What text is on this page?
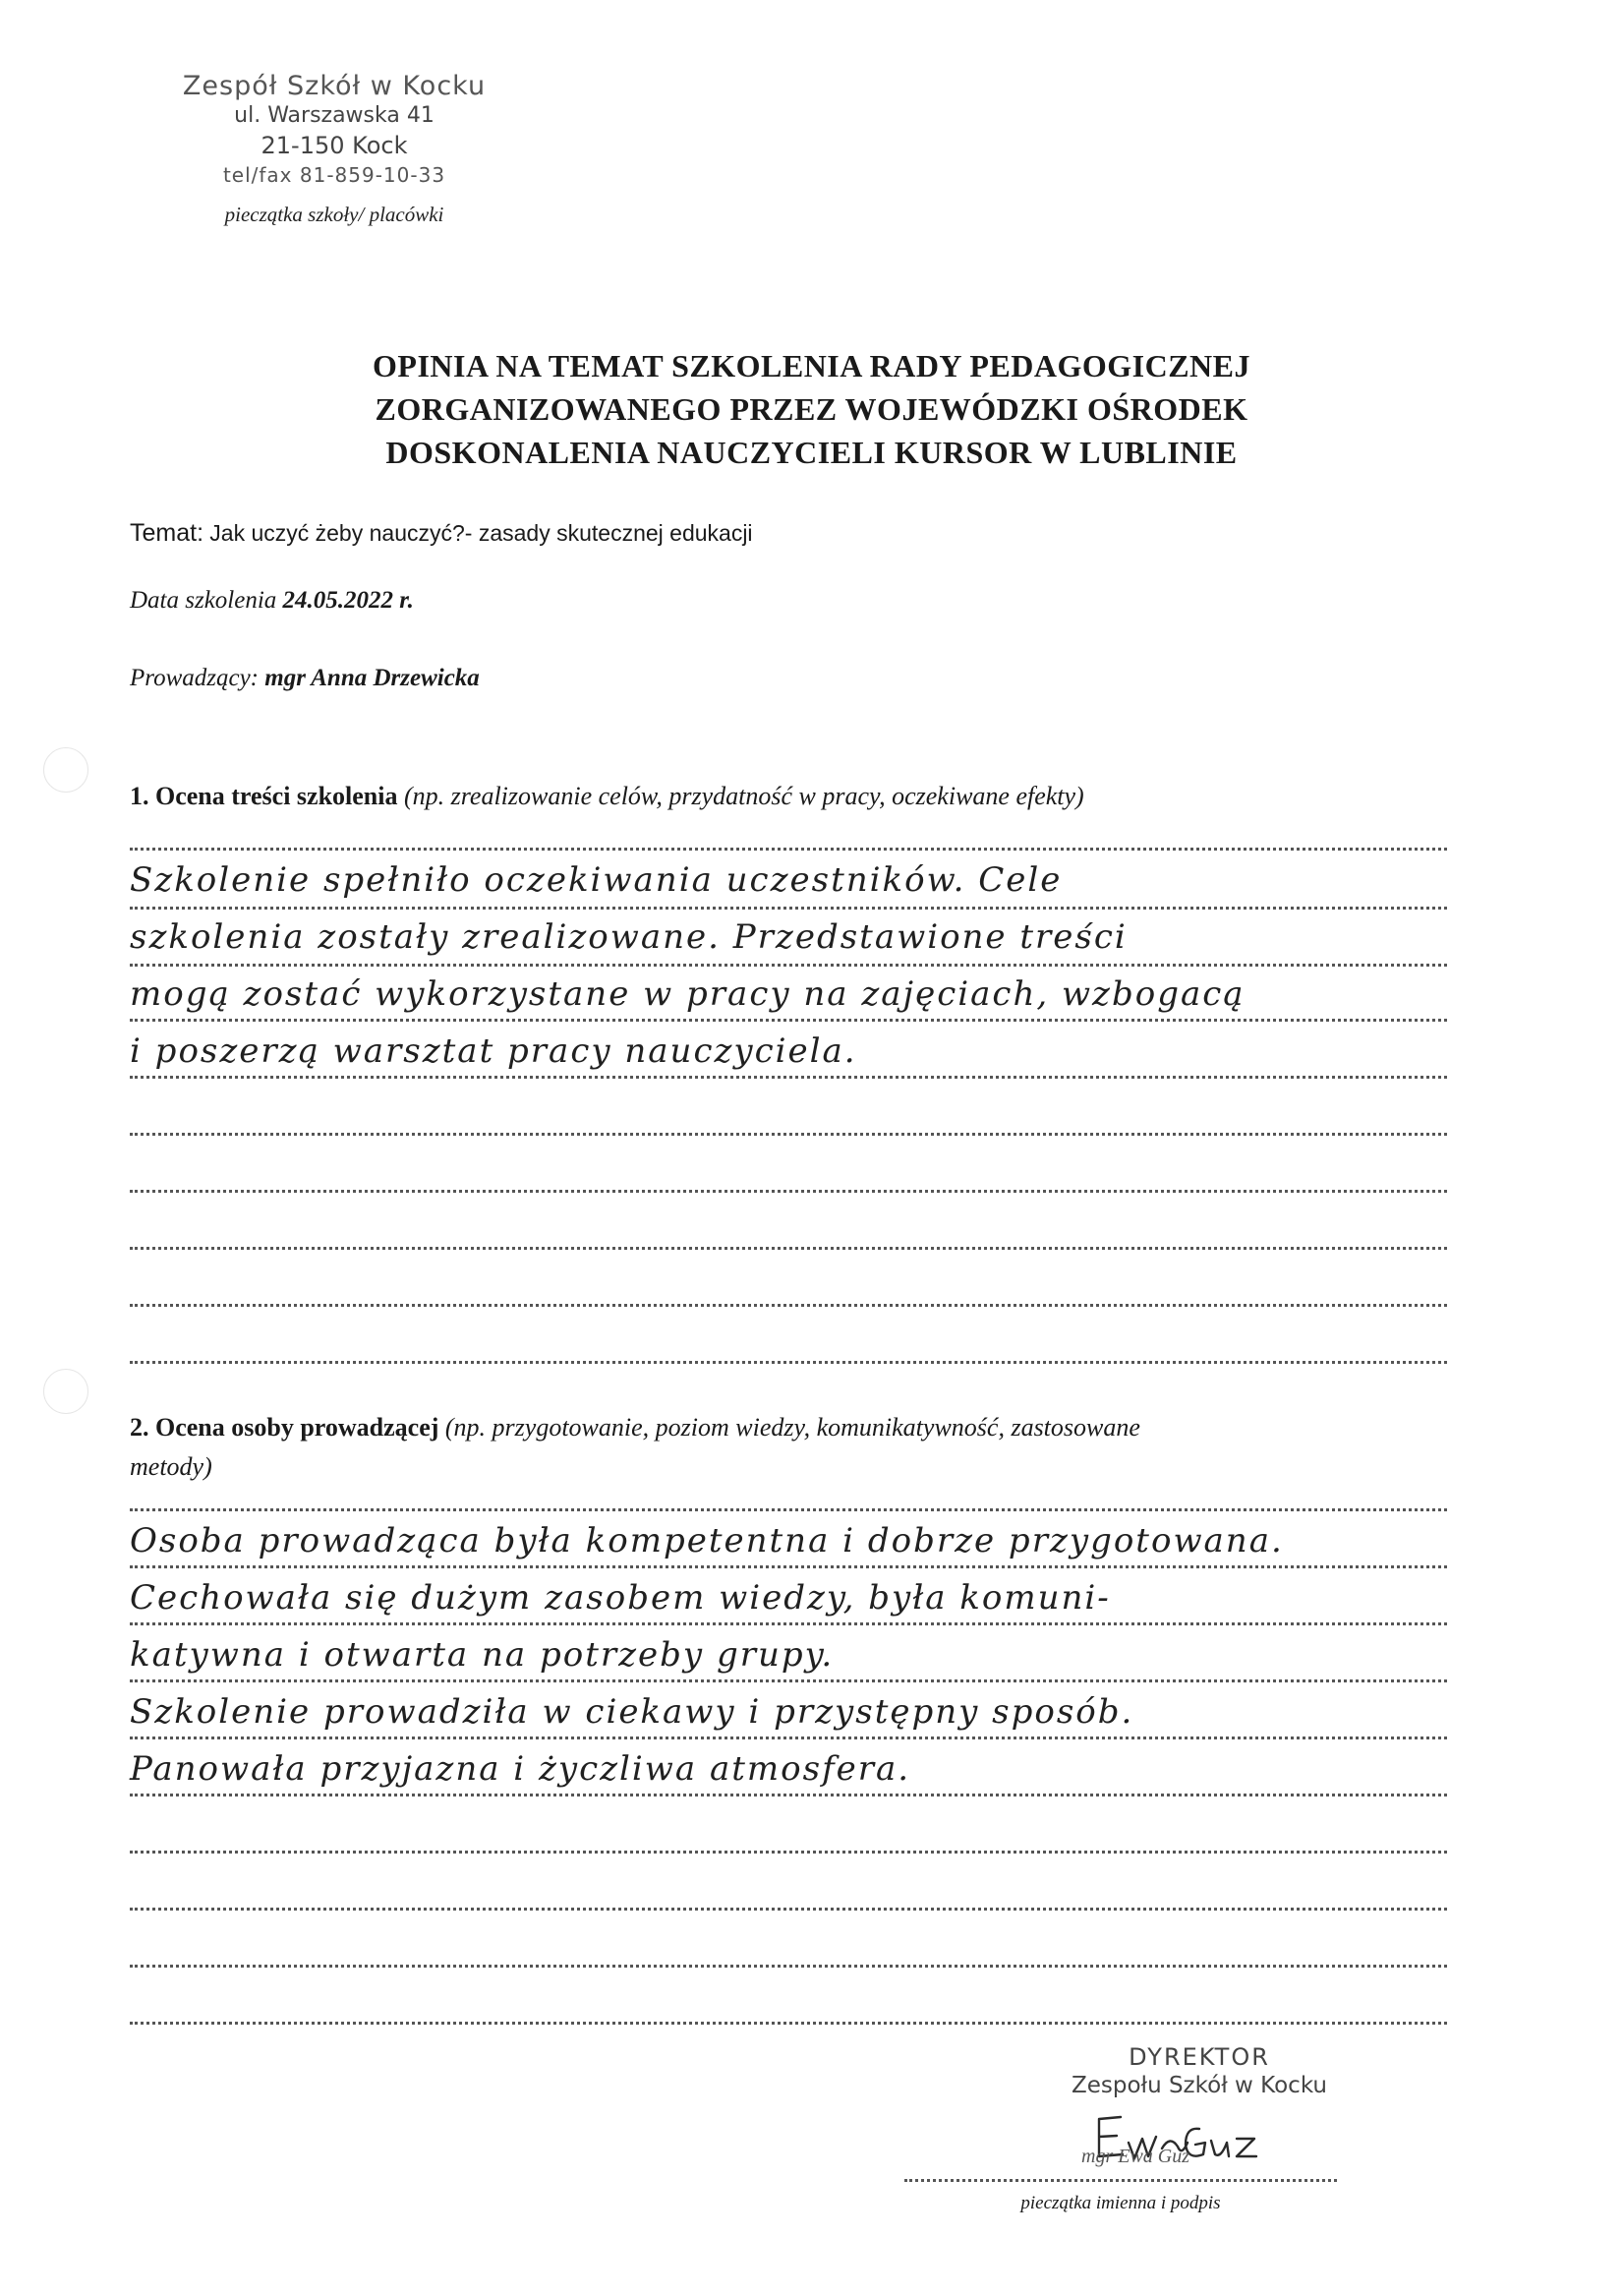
Zespół Szkół w Kocku
ul. Warszawska 41
21-150 Kock
tel/fax 81-859-10-33
pieczątka szkoły/ placówki
OPINIA NA TEMAT SZKOLENIA RADY PEDAGOGICZNEJ
ZORGANIZOWANEGO PRZEZ WOJEWÓDZKI OŚRODEK
DOSKONALENIA NAUCZYCIELI KURSOR W LUBLINIE
Temat: Jak uczyć żeby nauczyć?- zasady skutecznej edukacji
Data szkolenia 24.05.2022 r.
Prowadzący: mgr Anna Drzewicka
1. Ocena treści szkolenia (np. zrealizowanie celów, przydatność w pracy, oczekiwane efekty)
Szkolenie spełniło oczekiwania uczestników. Cele
szkolenia zostały zrealizowane. Przedstawione treści
mogą zostać wykorzystane w pracy na zajęciach, wzbogacą
i poszerzą warsztat pracy nauczyciela.
2. Ocena osoby prowadzącej (np. przygotowanie, poziom wiedzy, komunikatywność, zastosowane
metody)
Osoba prowadząca była kompetentna i dobrze przygotowana.
Cechowała się dużym zasobem wiedzy, była komuni-
katywna i otwarta na potrzeby grupy.
Szkolenie prowadziła w ciekawy i przystępny sposób.
Panowała przyjazna i życzliwa atmosfera.
DYREKTOR
Zespołu Szkół w Kocku
mgr Ewa Guz
pieczątka imienna i podpis
